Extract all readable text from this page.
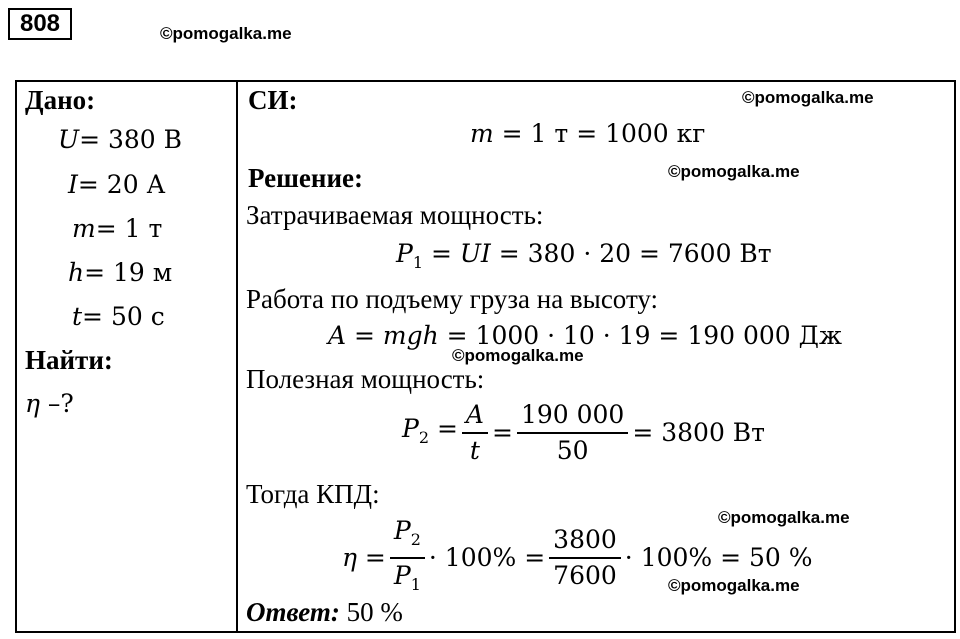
808	©pomogalka.me
Дано:
U= 380 В
I= 20 А
m= 1 т
h= 19 м
t= 50 с
Найти:
η –?
СИ:	©pomogalka.me
m = 1 т = 1000 кг
Решение:	©pomogalka.me
Затрачиваемая мощность:
$P_1$ = UI = 380 · 20 = 7600 Вт
Работа по подъему груза на высоту:
A = mgh = 1000 · 10 · 19 = 190 000 Дж
©pomogalka.me
Полезная мощность:
$P_2 = \frac{A}{t} = \frac{190 000}{50} = 3800$ Вт
Тогда КПД:
©pomogalka.me
$\eta = \frac{P_2}{P_1} \cdot 100\% = \frac{3800}{7600} \cdot 100\% = 50$ %
©pomogalka.me
Ответ: 50 %
